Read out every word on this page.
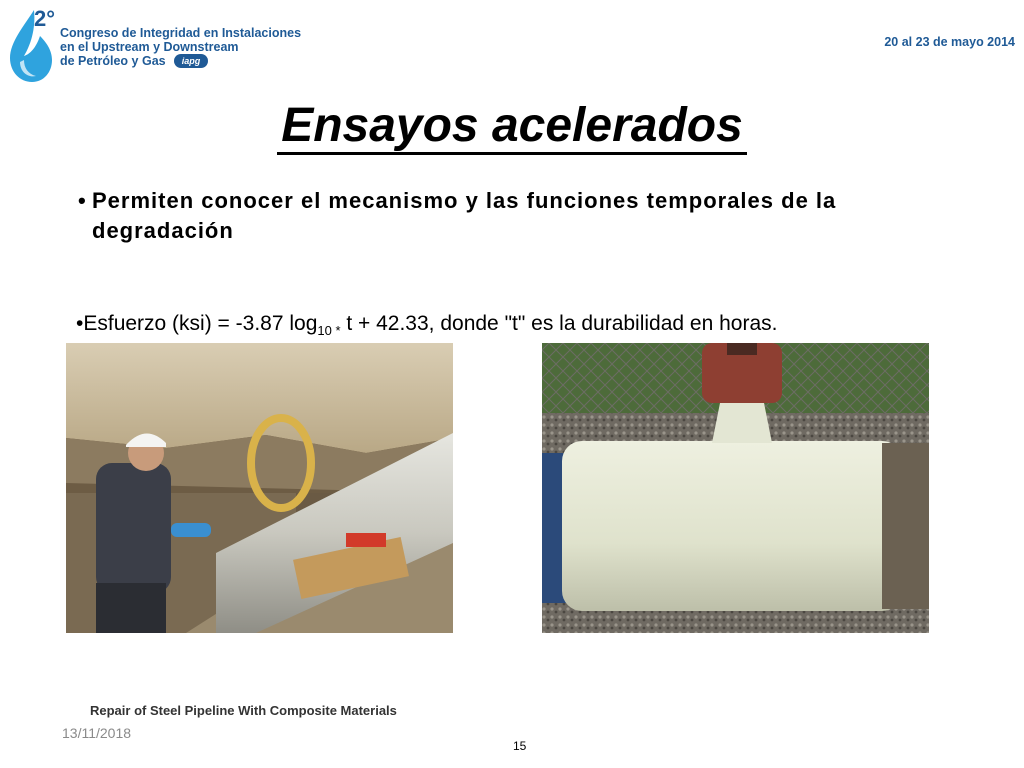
2°
Congreso de Integridad en Instalaciones
en el Upstream y Downstream
de Petróleo y Gas	iapg
20 al 23 de mayo 2014
Ensayos acelerados
• Permiten conocer el mecanismo y las funciones temporales de la degradación
•Esfuerzo (ksi) = -3.87 $\log_{10 *} t + 42.33$, donde "t" es la durabilidad en horas.
Repair of Steel Pipeline With Composite Materials
13/11/2018
15
